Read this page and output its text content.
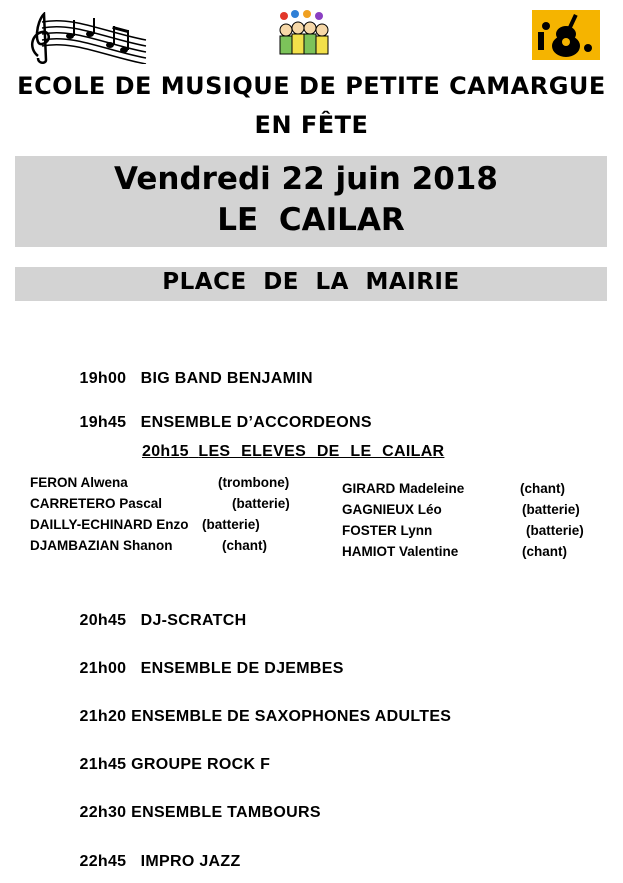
ECOLE DE MUSIQUE DE PETITE CAMARGUE
EN FÊTE
Vendredi 22 juin 2018
LE CAILAR
PLACE DE LA MAIRIE

19h00 BIG BAND BENJAMIN

19h45 ENSEMBLE D’ACCORDEONS

20h15 LES ELEVES DE LE CAILAR
FERON Alwena	(trombone)
CARRETERO Pascal	(batterie)
DAILLY-ECHINARD Enzo (batterie)
DJAMBAZIAN Shanon	(chant)
GIRARD Madeleine	(chant)
GAGNIEUX Léo	(batterie)
FOSTER Lynn	(batterie)
HAMIOT Valentine	(chant)

20h45 DJ-SCRATCH

21h00 ENSEMBLE DE DJEMBES

21h20 ENSEMBLE DE SAXOPHONES ADULTES

21h45 GROUPE ROCK F

22h30 ENSEMBLE TAMBOURS

22h45 IMPRO JAZZ
